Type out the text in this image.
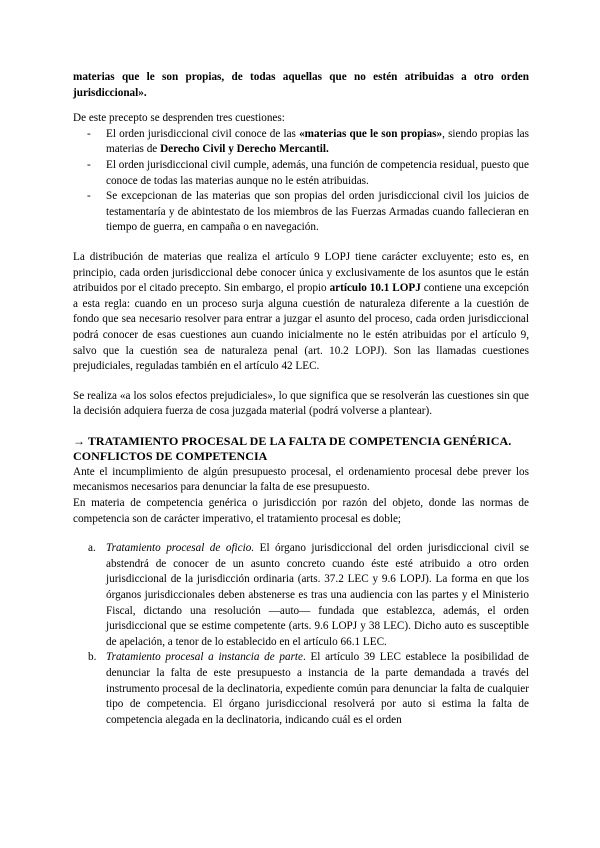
materias que le son propias, de todas aquellas que no estén atribuidas a otro orden jurisdiccional».

De este precepto se desprenden tres cuestiones:

- El orden jurisdiccional civil conoce de las «materias que le son propias», siendo propias las materias de Derecho Civil y Derecho Mercantil.
- El orden jurisdiccional civil cumple, además, una función de competencia residual, puesto que conoce de todas las materias aunque no le estén atribuidas.
- Se excepcionan de las materias que son propias del orden jurisdiccional civil los juicios de testamentaría y de abintestato de los miembros de las Fuerzas Armadas cuando fallecieran en tiempo de guerra, en campaña o en navegación.

La distribución de materias que realiza el artículo 9 LOPJ tiene carácter excluyente; esto es, en principio, cada orden jurisdiccional debe conocer única y exclusivamente de los asuntos que le están atribuidos por el citado precepto. Sin embargo, el propio artículo 10.1 LOPJ contiene una excepción a esta regla: cuando en un proceso surja alguna cuestión de naturaleza diferente a la cuestión de fondo que sea necesario resolver para entrar a juzgar el asunto del proceso, cada orden jurisdiccional podrá conocer de esas cuestiones aun cuando inicialmente no le estén atribuidas por el artículo 9, salvo que la cuestión sea de naturaleza penal (art. 10.2 LOPJ). Son las llamadas cuestiones prejudiciales, reguladas también en el artículo 42 LEC.

Se realiza «a los solos efectos prejudiciales», lo que significa que se resolverán las cuestiones sin que la decisión adquiera fuerza de cosa juzgada material (podrá volverse a plantear).

→ TRATAMIENTO PROCESAL DE LA FALTA DE COMPETENCIA GENÉRICA. CONFLICTOS DE COMPETENCIA

Ante el incumplimiento de algún presupuesto procesal, el ordenamiento procesal debe prever los mecanismos necesarios para denunciar la falta de ese presupuesto.

En materia de competencia genérica o jurisdicción por razón del objeto, donde las normas de competencia son de carácter imperativo, el tratamiento procesal es doble;

a. Tratamiento procesal de oficio. El órgano jurisdiccional del orden jurisdiccional civil se abstendrá de conocer de un asunto concreto cuando éste esté atribuido a otro orden jurisdiccional de la jurisdicción ordinaria (arts. 37.2 LEC y 9.6 LOPJ). La forma en que los órganos jurisdiccionales deben abstenerse es tras una audiencia con las partes y el Ministerio Fiscal, dictando una resolución —auto— fundada que establezca, además, el orden jurisdiccional que se estime competente (arts. 9.6 LOPJ y 38 LEC). Dicho auto es susceptible de apelación, a tenor de lo establecido en el artículo 66.1 LEC.
b. Tratamiento procesal a instancia de parte. El artículo 39 LEC establece la posibilidad de denunciar la falta de este presupuesto a instancia de la parte demandada a través del instrumento procesal de la declinatoria, expediente común para denunciar la falta de cualquier tipo de competencia. El órgano jurisdiccional resolverá por auto si estima la falta de competencia alegada en la declinatoria, indicando cuál es el orden
